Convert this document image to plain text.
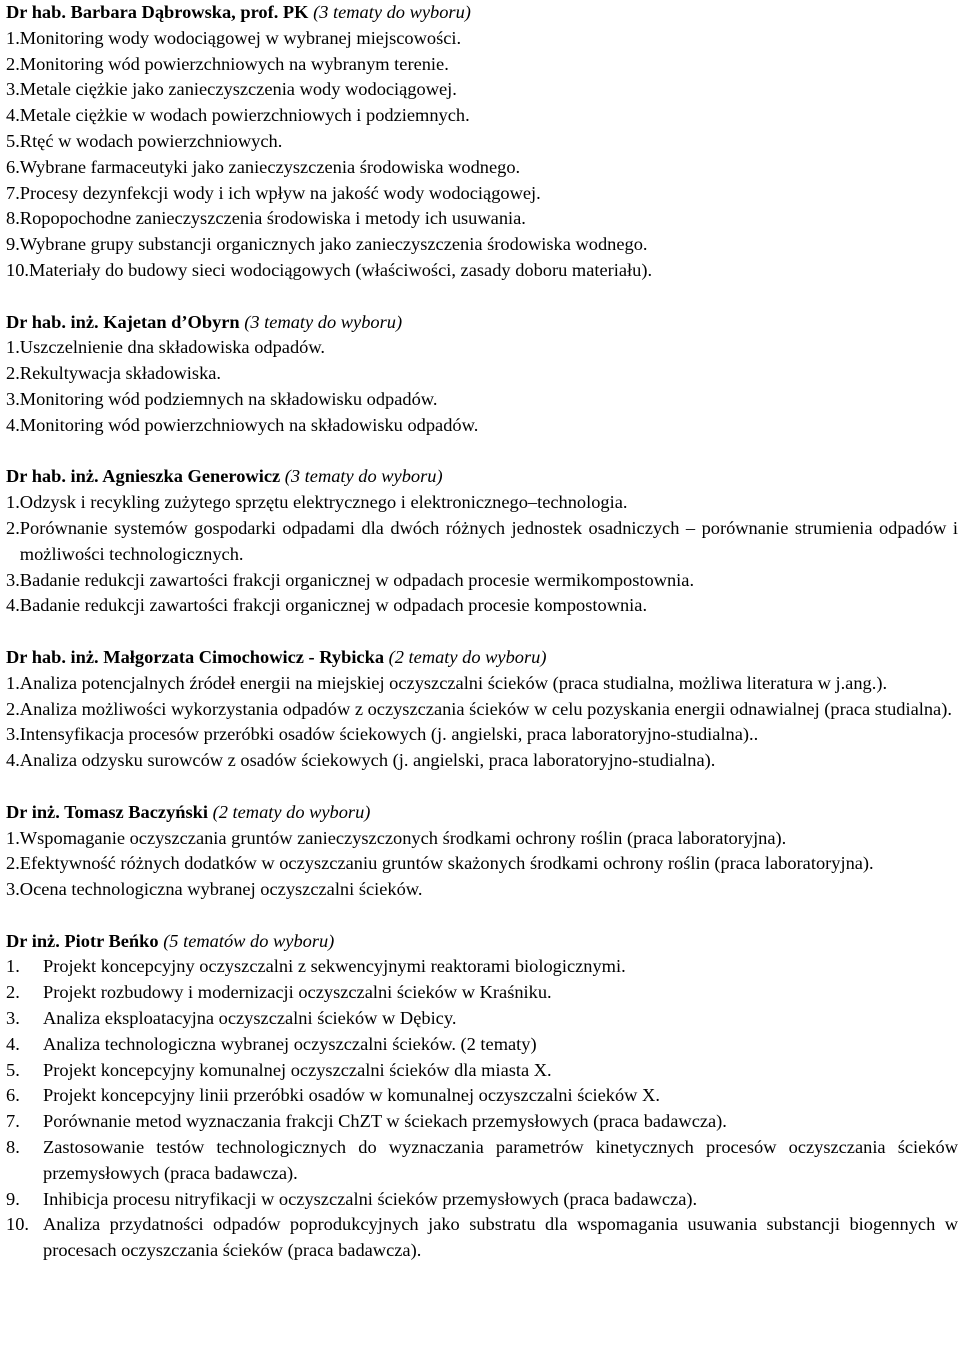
Dr hab. Barbara Dąbrowska, prof. PK (3 tematy do wyboru)
1. Monitoring wody wodociągowej w wybranej miejscowości.
2. Monitoring wód powierzchniowych na wybranym terenie.
3. Metale ciężkie jako zanieczyszczenia wody wodociągowej.
4. Metale ciężkie w wodach powierzchniowych i podziemnych.
5. Rtęć w wodach powierzchniowych.
6. Wybrane farmaceutyki jako zanieczyszczenia środowiska wodnego.
7. Procesy dezynfekcji wody i ich wpływ na jakość wody wodociągowej.
8. Ropopochodne zanieczyszczenia środowiska i metody ich usuwania.
9. Wybrane grupy substancji organicznych jako zanieczyszczenia środowiska wodnego.
10. Materiały do budowy sieci wodociągowych (właściwości, zasady doboru materiału).
Dr hab. inż. Kajetan d’Obyrn (3 tematy do wyboru)
1. Uszczelnienie dna składowiska odpadów.
2. Rekultywacja składowiska.
3. Monitoring wód podziemnych na składowisku odpadów.
4. Monitoring wód powierzchniowych na składowisku odpadów.
Dr hab. inż. Agnieszka Generowicz (3 tematy do wyboru)
1. Odzysk i recykling zużytego sprzętu elektrycznego i elektronicznego–technologia.
2. Porównanie systemów gospodarki odpadami dla dwóch różnych jednostek osadniczych – porównanie strumienia odpadów i możliwości technologicznych.
3. Badanie redukcji zawartości frakcji organicznej w odpadach procesie wermikompostownia.
4. Badanie redukcji zawartości frakcji organicznej w odpadach procesie kompostownia.
Dr hab. inż. Małgorzata Cimochowicz - Rybicka (2 tematy do wyboru)
1. Analiza potencjalnych źródeł energii na miejskiej oczyszczalni ścieków (praca studialna, możliwa literatura w j.ang.).
2. Analiza możliwości wykorzystania odpadów z oczyszczania ścieków w celu pozyskania energii odnawialnej (praca studialna).
3. Intensyfikacja procesów przeróbki osadów ściekowych (j. angielski, praca laboratoryjno-studialna)..
4. Analiza odzysku surowców z osadów ściekowych (j. angielski, praca laboratoryjno-studialna).
Dr inż. Tomasz Baczyński (2 tematy do wyboru)
1. Wspomaganie oczyszczania gruntów zanieczyszczonych środkami ochrony roślin (praca laboratoryjna).
2. Efektywność różnych dodatków w oczyszczaniu gruntów skażonych środkami ochrony roślin (praca laboratoryjna).
3. Ocena technologiczna wybranej oczyszczalni ścieków.
Dr inż. Piotr Beńko (5 tematów do wyboru)
1.	Projekt koncepcyjny oczyszczalni z sekwencyjnymi reaktorami biologicznymi.
2.	Projekt rozbudowy i modernizacji oczyszczalni ścieków w Kraśniku.
3.	Analiza eksploatacyjna oczyszczalni ścieków w Dębicy.
4.	Analiza technologiczna wybranej oczyszczalni ścieków. (2 tematy)
5.	Projekt koncepcyjny komunalnej oczyszczalni ścieków dla miasta X.
6.	Projekt koncepcyjny linii przeróbki osadów w komunalnej oczyszczalni ścieków X.
7.	Porównanie metod wyznaczania frakcji ChZT w ściekach przemysłowych (praca badawcza).
8.	Zastosowanie testów technologicznych do wyznaczania parametrów kinetycznych procesów oczyszczania ścieków przemysłowych (praca badawcza).
9.	Inhibicja procesu nitryfikacji w oczyszczalni ścieków przemysłowych (praca badawcza).
10. Analiza przydatności odpadów poprodukcyjnych jako substratu dla wspomagania usuwania substancji biogennych w procesach oczyszczania ścieków (praca badawcza).
